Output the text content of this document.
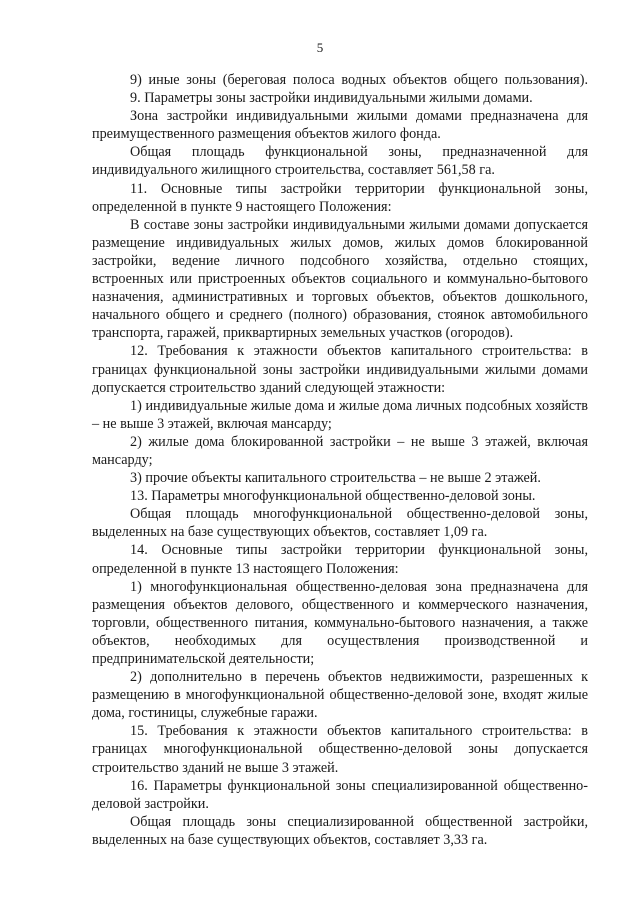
5

9) иные зоны (береговая полоса водных объектов общего пользования).

9. Параметры зоны застройки индивидуальными жилыми домами.

Зона застройки индивидуальными жилыми домами предназначена для преимущественного размещения объектов жилого фонда.

Общая площадь функциональной зоны, предназначенной для индивидуального жилищного строительства, составляет 561,58 га.

11. Основные типы застройки территории функциональной зоны, определенной в пункте 9 настоящего Положения:

В составе зоны застройки индивидуальными жилыми домами допускается размещение индивидуальных жилых домов, жилых домов блокированной застройки, ведение личного подсобного хозяйства, отдельно стоящих, встроенных или пристроенных объектов социального и коммунально-бытового назначения, административных и торговых объектов, объектов дошкольного, начального общего и среднего (полного) образования, стоянок автомобильного транспорта, гаражей, приквартирных земельных участков (огородов).

12. Требования к этажности объектов капитального строительства: в границах функциональной зоны застройки индивидуальными жилыми домами допускается строительство зданий следующей этажности:

1) индивидуальные жилые дома и жилые дома личных подсобных хозяйств – не выше 3 этажей, включая мансарду;

2) жилые дома блокированной застройки – не выше 3 этажей, включая мансарду;

3) прочие объекты капитального строительства – не выше 2 этажей.

13. Параметры многофункциональной общественно-деловой зоны.

Общая площадь многофункциональной общественно-деловой зоны, выделенных на базе существующих объектов, составляет 1,09 га.

14. Основные типы застройки территории функциональной зоны, определенной в пункте 13 настоящего Положения:

1) многофункциональная общественно-деловая зона предназначена для размещения объектов делового, общественного и коммерческого назначения, торговли, общественного питания, коммунально-бытового назначения, а также объектов, необходимых для осуществления производственной и предпринимательской деятельности;

2) дополнительно в перечень объектов недвижимости, разрешенных к размещению в многофункциональной общественно-деловой зоне, входят жилые дома, гостиницы, служебные гаражи.

15. Требования к этажности объектов капитального строительства: в границах многофункциональной общественно-деловой зоны допускается строительство зданий не выше 3 этажей.

16. Параметры функциональной зоны специализированной общественно-деловой застройки.

Общая площадь зоны специализированной общественной застройки, выделенных на базе существующих объектов, составляет 3,33 га.
